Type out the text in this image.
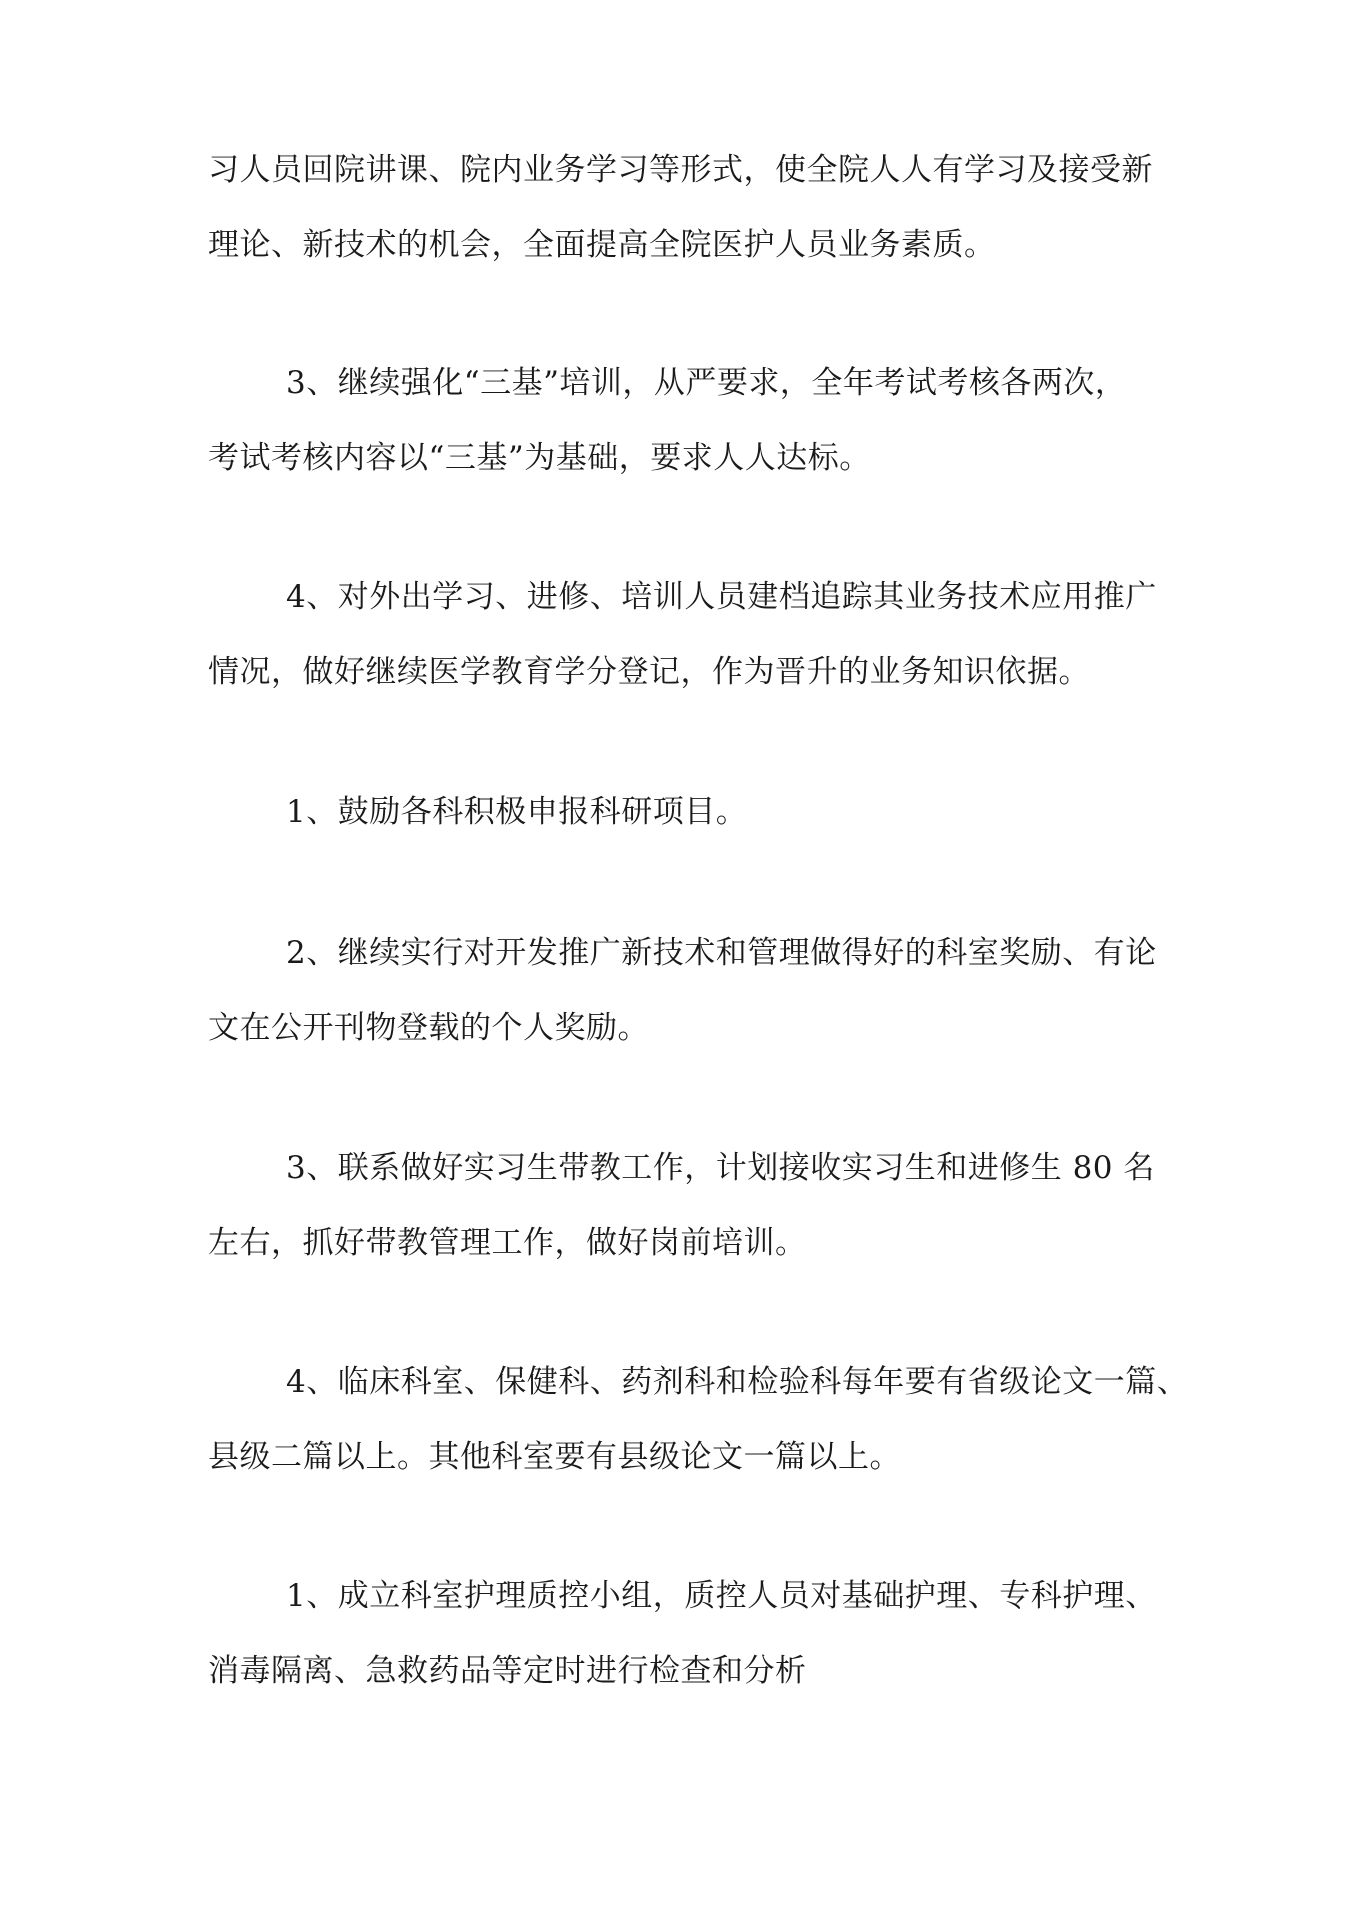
习人员回院讲课、院内业务学习等形式，使全院人人有学习及接受新
理论、新技术的机会，全面提高全院医护人员业务素质。

3、继续强化“三基”培训，从严要求，全年考试考核各两次，
考试考核内容以“三基”为基础，要求人人达标。

4、对外出学习、进修、培训人员建档追踪其业务技术应用推广
情况，做好继续医学教育学分登记，作为晋升的业务知识依据。

1、鼓励各科积极申报科研项目。

2、继续实行对开发推广新技术和管理做得好的科室奖励、有论
文在公开刊物登载的个人奖励。

3、联系做好实习生带教工作，计划接收实习生和进修生 80 名
左右，抓好带教管理工作，做好岗前培训。

4、临床科室、保健科、药剂科和检验科每年要有省级论文一篇、
县级二篇以上。其他科室要有县级论文一篇以上。

1、成立科室护理质控小组，质控人员对基础护理、专科护理、
消毒隔离、急救药品等定时进行检查和分析
